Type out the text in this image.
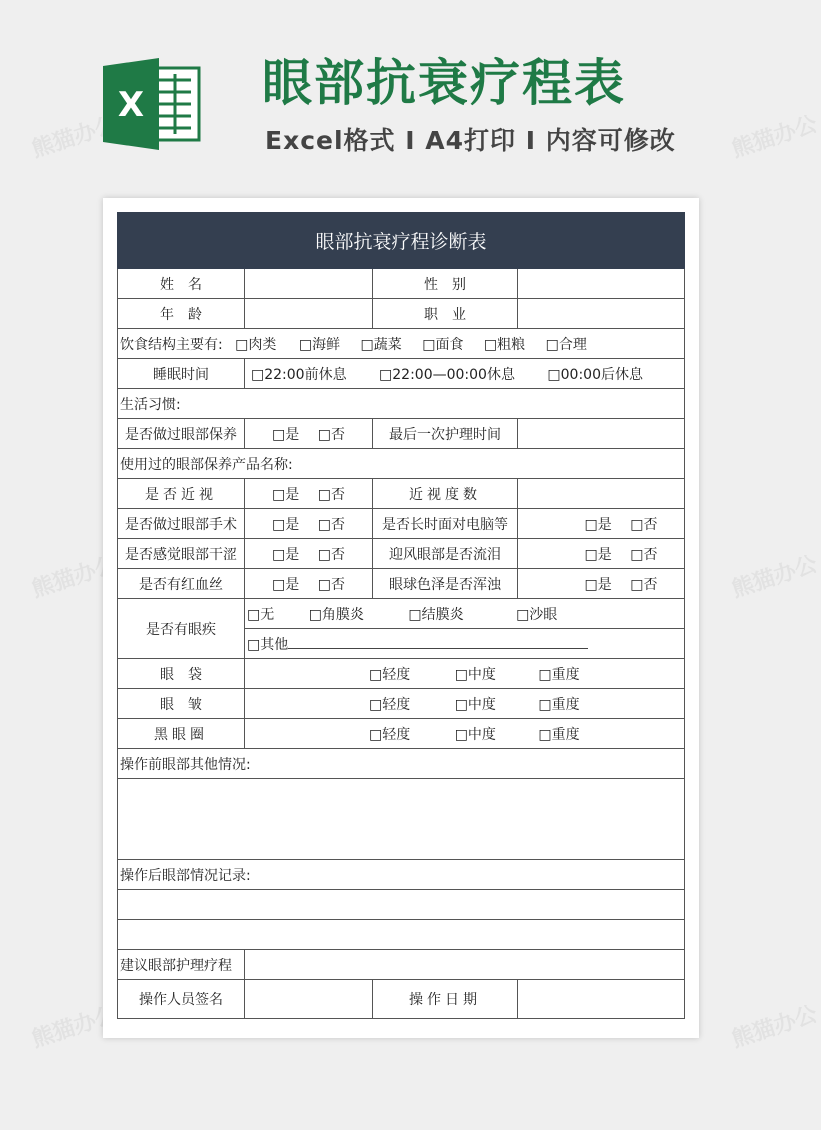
熊猫办公	熊猫办公
熊猫办公	熊猫办公
熊猫办公	熊猫办公
X 眼部抗衰疗程表
Excel格式 I A4打印 I 内容可修改
眼部抗衰疗程诊断表			
姓　名		性　别	
年　龄		职　业	
饮食结构主要有: □肉类 □海鲜 □蔬菜 □面食 □粗粮 □合理			
睡眠时间	□22:00前休息 □22:00—00:00休息 □00:00后休息		
生活习惯:			
是否做过眼部保养	□是 □否	最后一次护理时间	
使用过的眼部保养产品名称:			
是否近视	□是 □否	近视度数	
是否做过眼部手术	□是 □否	是否长时面对电脑等	□是 □否
是否感觉眼部干涩	□是 □否	迎风眼部是否流泪	□是 □否
是否有红血丝	□是 □否	眼球色泽是否浑浊	□是 □否
是否有眼疾	□无 □角膜炎 □结膜炎 □沙眼		
	□其他		
眼　袋	□轻度 □中度 □重度		
眼　皱	□轻度 □中度 □重度		
黑眼圈	□轻度 □中度 □重度		
操作前眼部其他情况:			

操作后眼部情况记录:			

建议眼部护理疗程			
操作人员签名		操作日期	
